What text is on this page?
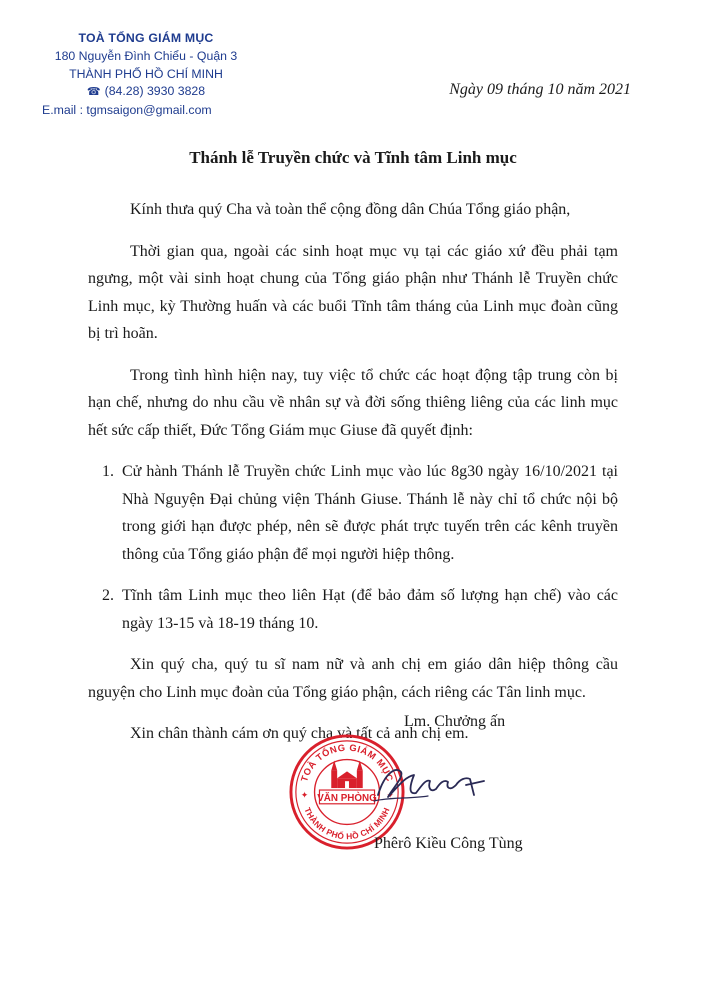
TOÀ TỔNG GIÁM MỤC
180 Nguyễn Đình Chiểu - Quận 3
THÀNH PHỐ HỒ CHÍ MINH
☎ (84.28) 3930 3828
E.mail : tgmsaigon@gmail.com
Ngày 09 tháng 10 năm 2021
Thánh lễ Truyền chức và Tĩnh tâm Linh mục

Kính thưa quý Cha và toàn thể cộng đồng dân Chúa Tổng giáo phận,

Thời gian qua, ngoài các sinh hoạt mục vụ tại các giáo xứ đều phải tạm ngưng, một vài sinh hoạt chung của Tổng giáo phận như Thánh lễ Truyền chức Linh mục, kỳ Thường huấn và các buổi Tĩnh tâm tháng của Linh mục đoàn cũng bị trì hoãn.

Trong tình hình hiện nay, tuy việc tổ chức các hoạt động tập trung còn bị hạn chế, nhưng do nhu cầu về nhân sự và đời sống thiêng liêng của các linh mục hết sức cấp thiết, Đức Tổng Giám mục Giuse đã quyết định:

1. Cử hành Thánh lễ Truyền chức Linh mục vào lúc 8g30 ngày 16/10/2021 tại Nhà Nguyện Đại chủng viện Thánh Giuse. Thánh lễ này chỉ tổ chức nội bộ trong giới hạn được phép, nên sẽ được phát trực tuyến trên các kênh truyền thông của Tổng giáo phận để mọi người hiệp thông.
2. Tĩnh tâm Linh mục theo liên Hạt (để bảo đảm số lượng hạn chế) vào các ngày 13-15 và 18-19 tháng 10.

Xin quý cha, quý tu sĩ nam nữ và anh chị em giáo dân hiệp thông cầu nguyện cho Linh mục đoàn của Tổng giáo phận, cách riêng các Tân linh mục.

Xin chân thành cám ơn quý cha và tất cả anh chị em.

Lm. Chưởng ấn
TOÀ TỔNG GIÁM MỤC
THÀNH PHỐ HỒ CHÍ MINH
VĂN PHÒNG
✦	✦
Phêrô Kiều Công Tùng
